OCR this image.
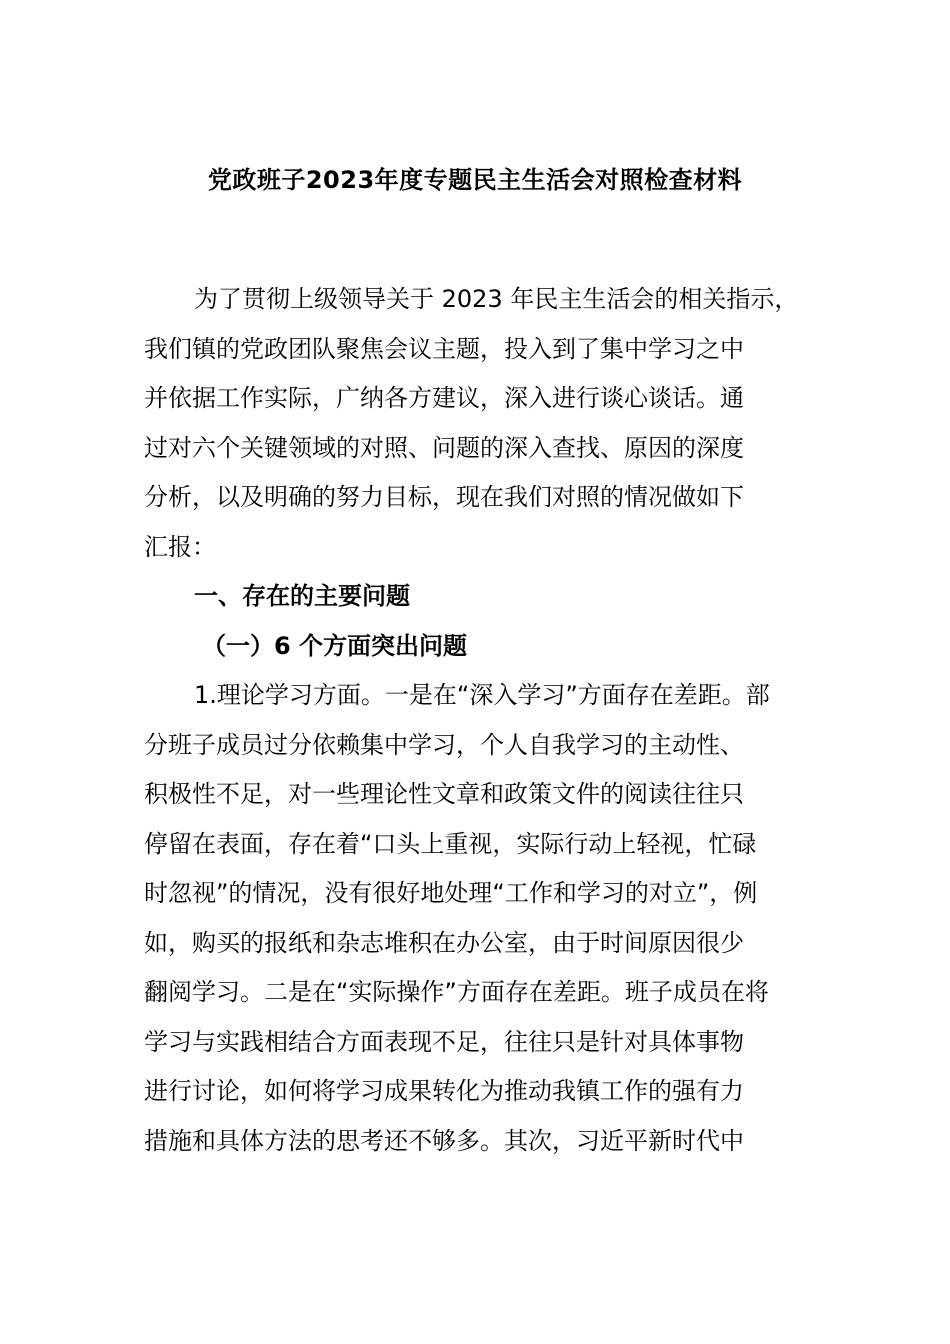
党政班子2023年度专题民主生活会对照检查材料
为了贯彻上级领导关于 2023 年民主生活会的相关指示，
我们镇的党政团队聚焦会议主题，投入到了集中学习之中
并依据工作实际，广纳各方建议，深入进行谈心谈话。通
过对六个关键领域的对照、问题的深入查找、原因的深度
分析，以及明确的努力目标，现在我们对照的情况做如下
汇报：
一、存在的主要问题
（一）6 个方面突出问题
1.理论学习方面。一是在“深入学习”方面存在差距。部
分班子成员过分依赖集中学习，个人自我学习的主动性、
积极性不足，对一些理论性文章和政策文件的阅读往往只
停留在表面，存在着“口头上重视，实际行动上轻视，忙碌
时忽视”的情况，没有很好地处理“工作和学习的对立”，例
如，购买的报纸和杂志堆积在办公室，由于时间原因很少
翻阅学习。二是在“实际操作”方面存在差距。班子成员在将
学习与实践相结合方面表现不足，往往只是针对具体事物
进行讨论，如何将学习成果转化为推动我镇工作的强有力
措施和具体方法的思考还不够多。其次，习近平新时代中
